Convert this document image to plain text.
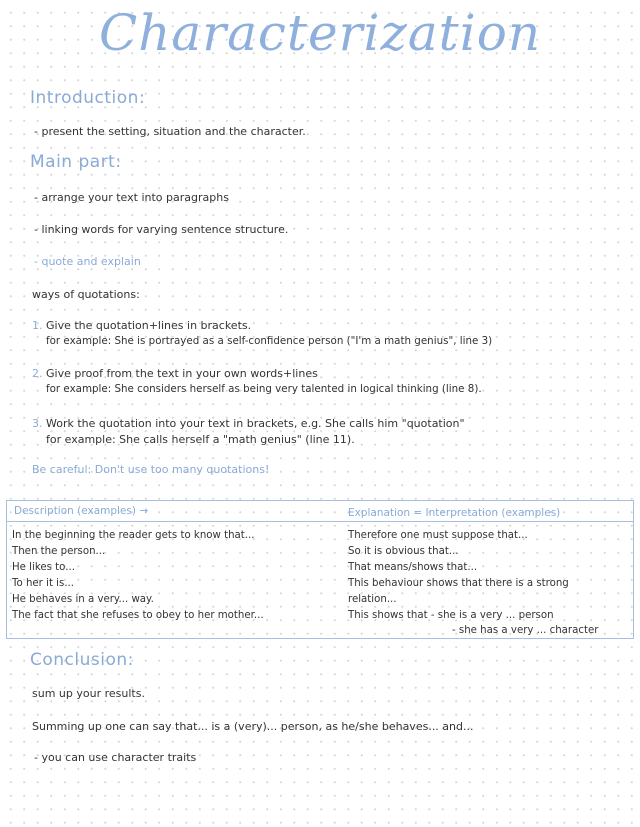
Characterization
Introduction:
- present the setting, situation and the character.
Main part:
- arrange your text into paragraphs
- linking words for varying sentence structure.
- quote and explain
ways of quotations:
1. Give the quotation+lines in brackets.
for example: She is portrayed as a self-confidence person ("I'm a math genius", line 3)
2. Give proof from the text in your own words+lines
for example: She considers herself as being very talented in logical thinking (line 8).
3. Work the quotation into your text in brackets, e.g. She calls him "quotation"
for example: She calls herself a "math genius" (line 11).
Be careful: Don't use too many quotations!
Description (examples) →	Explanation = Interpretation (examples)
In the beginning the reader gets to know that...
Then the person...
He likes to...
To her it is...
He behaves in a very... way.
The fact that she refuses to obey to her mother...
Therefore one must suppose that...
So it is obvious that...
That means/shows that...
This behaviour shows that there is a strong
relation...
This shows that - she is a very ... person
- she has a very ... character
Conclusion:
sum up your results.
Summing up one can say that... is a (very)... person, as he/she behaves... and...
- you can use character traits
